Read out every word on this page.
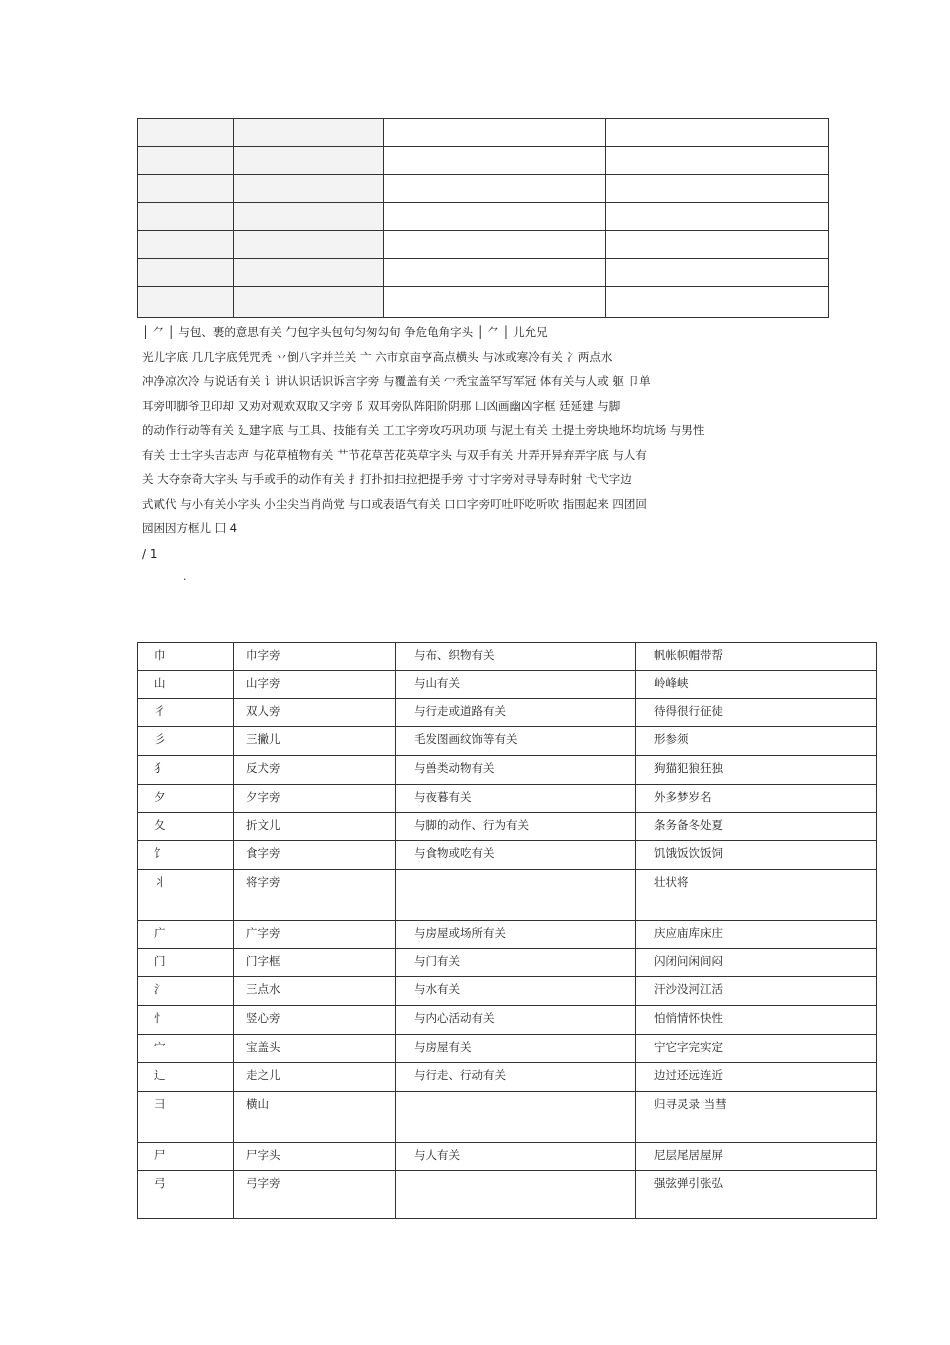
│ ⺈ │ 与包、裹的意思有关 勹包字头包句匀匆勾旬 争危龟角字头 │ ⺈ │ 儿允兄
光儿字底 几几字底凭咒秃 丷倒八字并兰关 亠 六市京亩亨高点横头 与冰或寒冷有关 冫两点水
冲净凉次冷 与说话有关 讠讲认识话识诉言字旁 与覆盖有关 冖秃宝盖罕写军冠 体有关与人或 躯 卩单
耳旁叩脚爷卫印却 又劝对观欢双取又字旁 阝双耳旁队阵阳阶阴那 凵凶画幽凶字框 廷延建 与脚
的动作行动等有关 廴建字底 与工具、技能有关 工工字旁攻巧巩功项 与泥土有关 土提土旁块地坏均坑场 与男性
有关 士士字头吉志声 与花草植物有关 艹节花草苦花英草字头 与双手有关 廾弄开异弃弄字底 与人有
关 大夺奈奇大字头 与手或手的动作有关 扌打扑扣扫拉把提手旁 寸寸字旁对寻导寿时射 弋弋字边
式貳代 与小有关小字头 小尘尖当肖尚党 与口或表语气有关 口口字旁叮吐吓吃听吹 指围起来 四团回
园困因方框儿 囗 4
/ 1
.
巾	巾字旁	与布、织物有关	帆帐帜帽带帮
山	山字旁	与山有关	岭峰峡
彳	双人旁	与行走或道路有关	待得很行征徒
彡	三撇儿	毛发图画纹饰等有关	形参须
犭	反犬旁	与兽类动物有关	狗猫犯狼狂独
夕	夕字旁	与夜暮有关	外多梦岁名
夂	折文儿	与脚的动作、行为有关	条务备冬处夏
饣	食字旁	与食物或吃有关	饥饿饭饮饭饲
丬	将字旁		壮状将
广	广字旁	与房屋或场所有关	庆应庙库床庄
门	门字框	与门有关	闪闭问闲间闷
氵	三点水	与水有关	汗沙没河江活
忄	竖心旁	与内心活动有关	怕悄情怀快性
宀	宝盖头	与房屋有关	宁它字完实定
辶	走之儿	与行走、行动有关	边过还远连近
彐	横山		归寻灵录 当彗
尸	尸字头	与人有关	尼层尾居屋屏
弓	弓字旁		强弦弹引张弘
